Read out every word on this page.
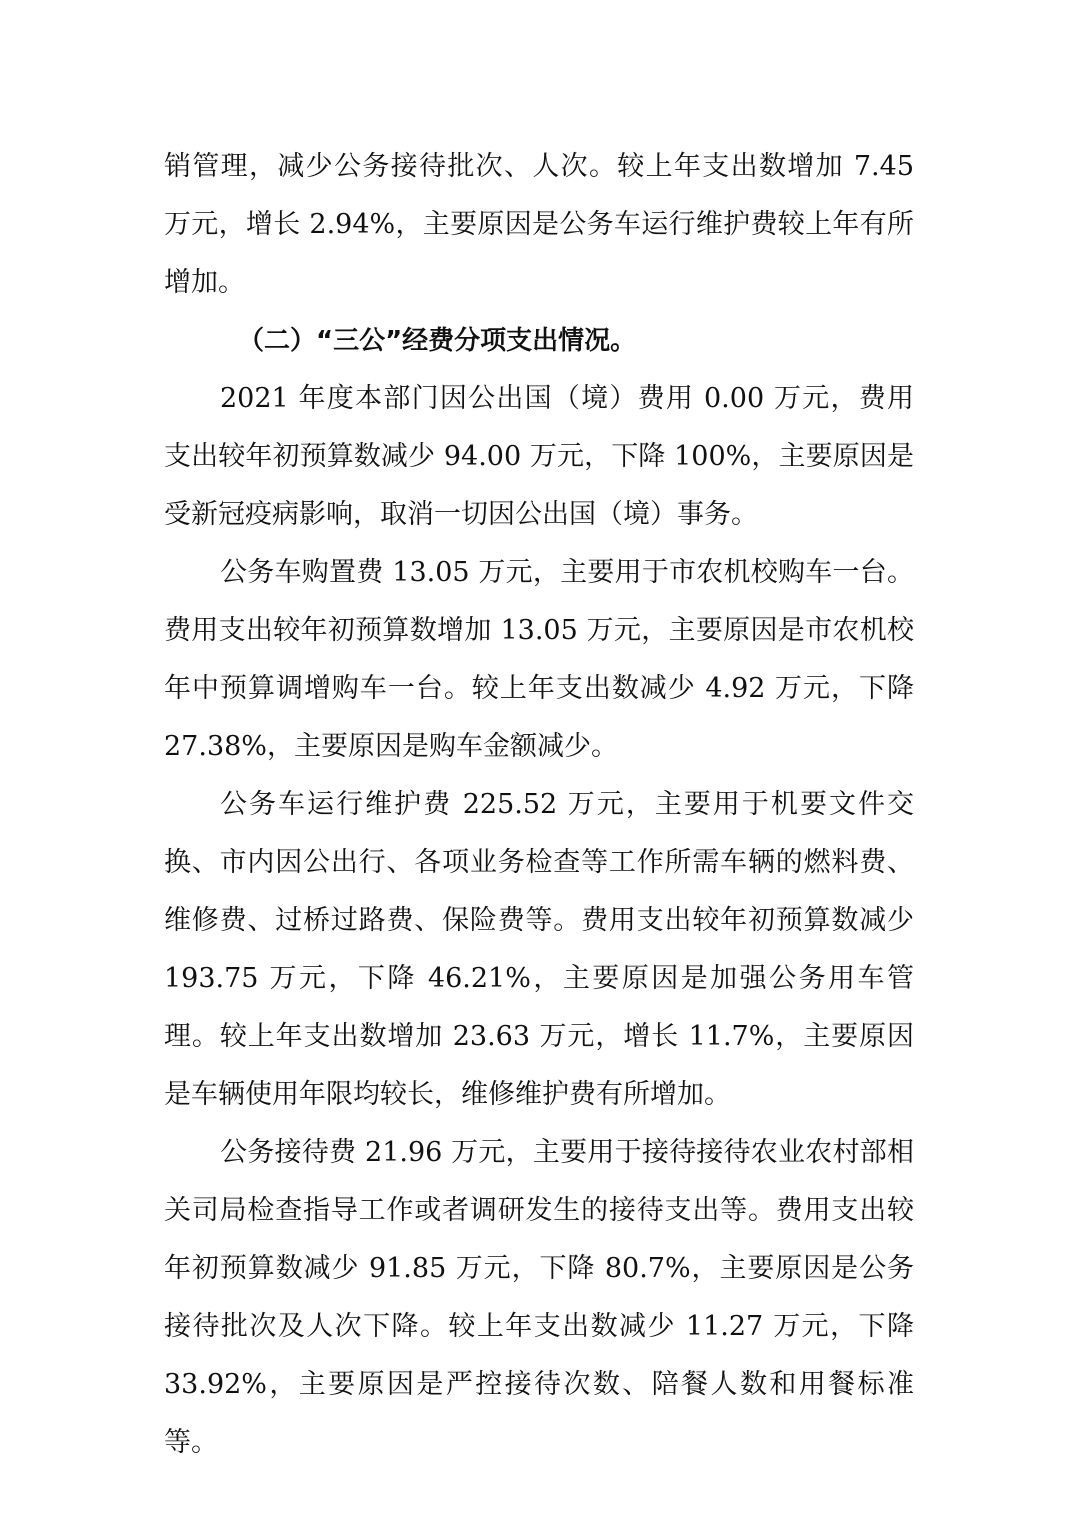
销管理，减少公务接待批次、人次。较上年支出数增加 7.45 万元，增长 2.94%，主要原因是公务车运行维护费较上年有所增加。

（二）“三公”经费分项支出情况。

2021 年度本部门因公出国（境）费用 0.00 万元，费用支出较年初预算数减少 94.00 万元，下降 100%，主要原因是受新冠疫病影响，取消一切因公出国（境）事务。

公务车购置费 13.05 万元，主要用于市农机校购车一台。费用支出较年初预算数增加 13.05 万元，主要原因是市农机校年中预算调增购车一台。较上年支出数减少 4.92 万元，下降 27.38%，主要原因是购车金额减少。

公务车运行维护费 225.52 万元，主要用于机要文件交换、市内因公出行、各项业务检查等工作所需车辆的燃料费、维修费、过桥过路费、保险费等。费用支出较年初预算数减少 193.75 万元，下降 46.21%，主要原因是加强公务用车管理。较上年支出数增加 23.63 万元，增长 11.7%，主要原因是车辆使用年限均较长，维修维护费有所增加。

公务接待费 21.96 万元，主要用于接待接待农业农村部相关司局检查指导工作或者调研发生的接待支出等。费用支出较年初预算数减少 91.85 万元，下降 80.7%，主要原因是公务接待批次及人次下降。较上年支出数减少 11.27 万元，下降 33.92%，主要原因是严控接待次数、陪餐人数和用餐标准等。
